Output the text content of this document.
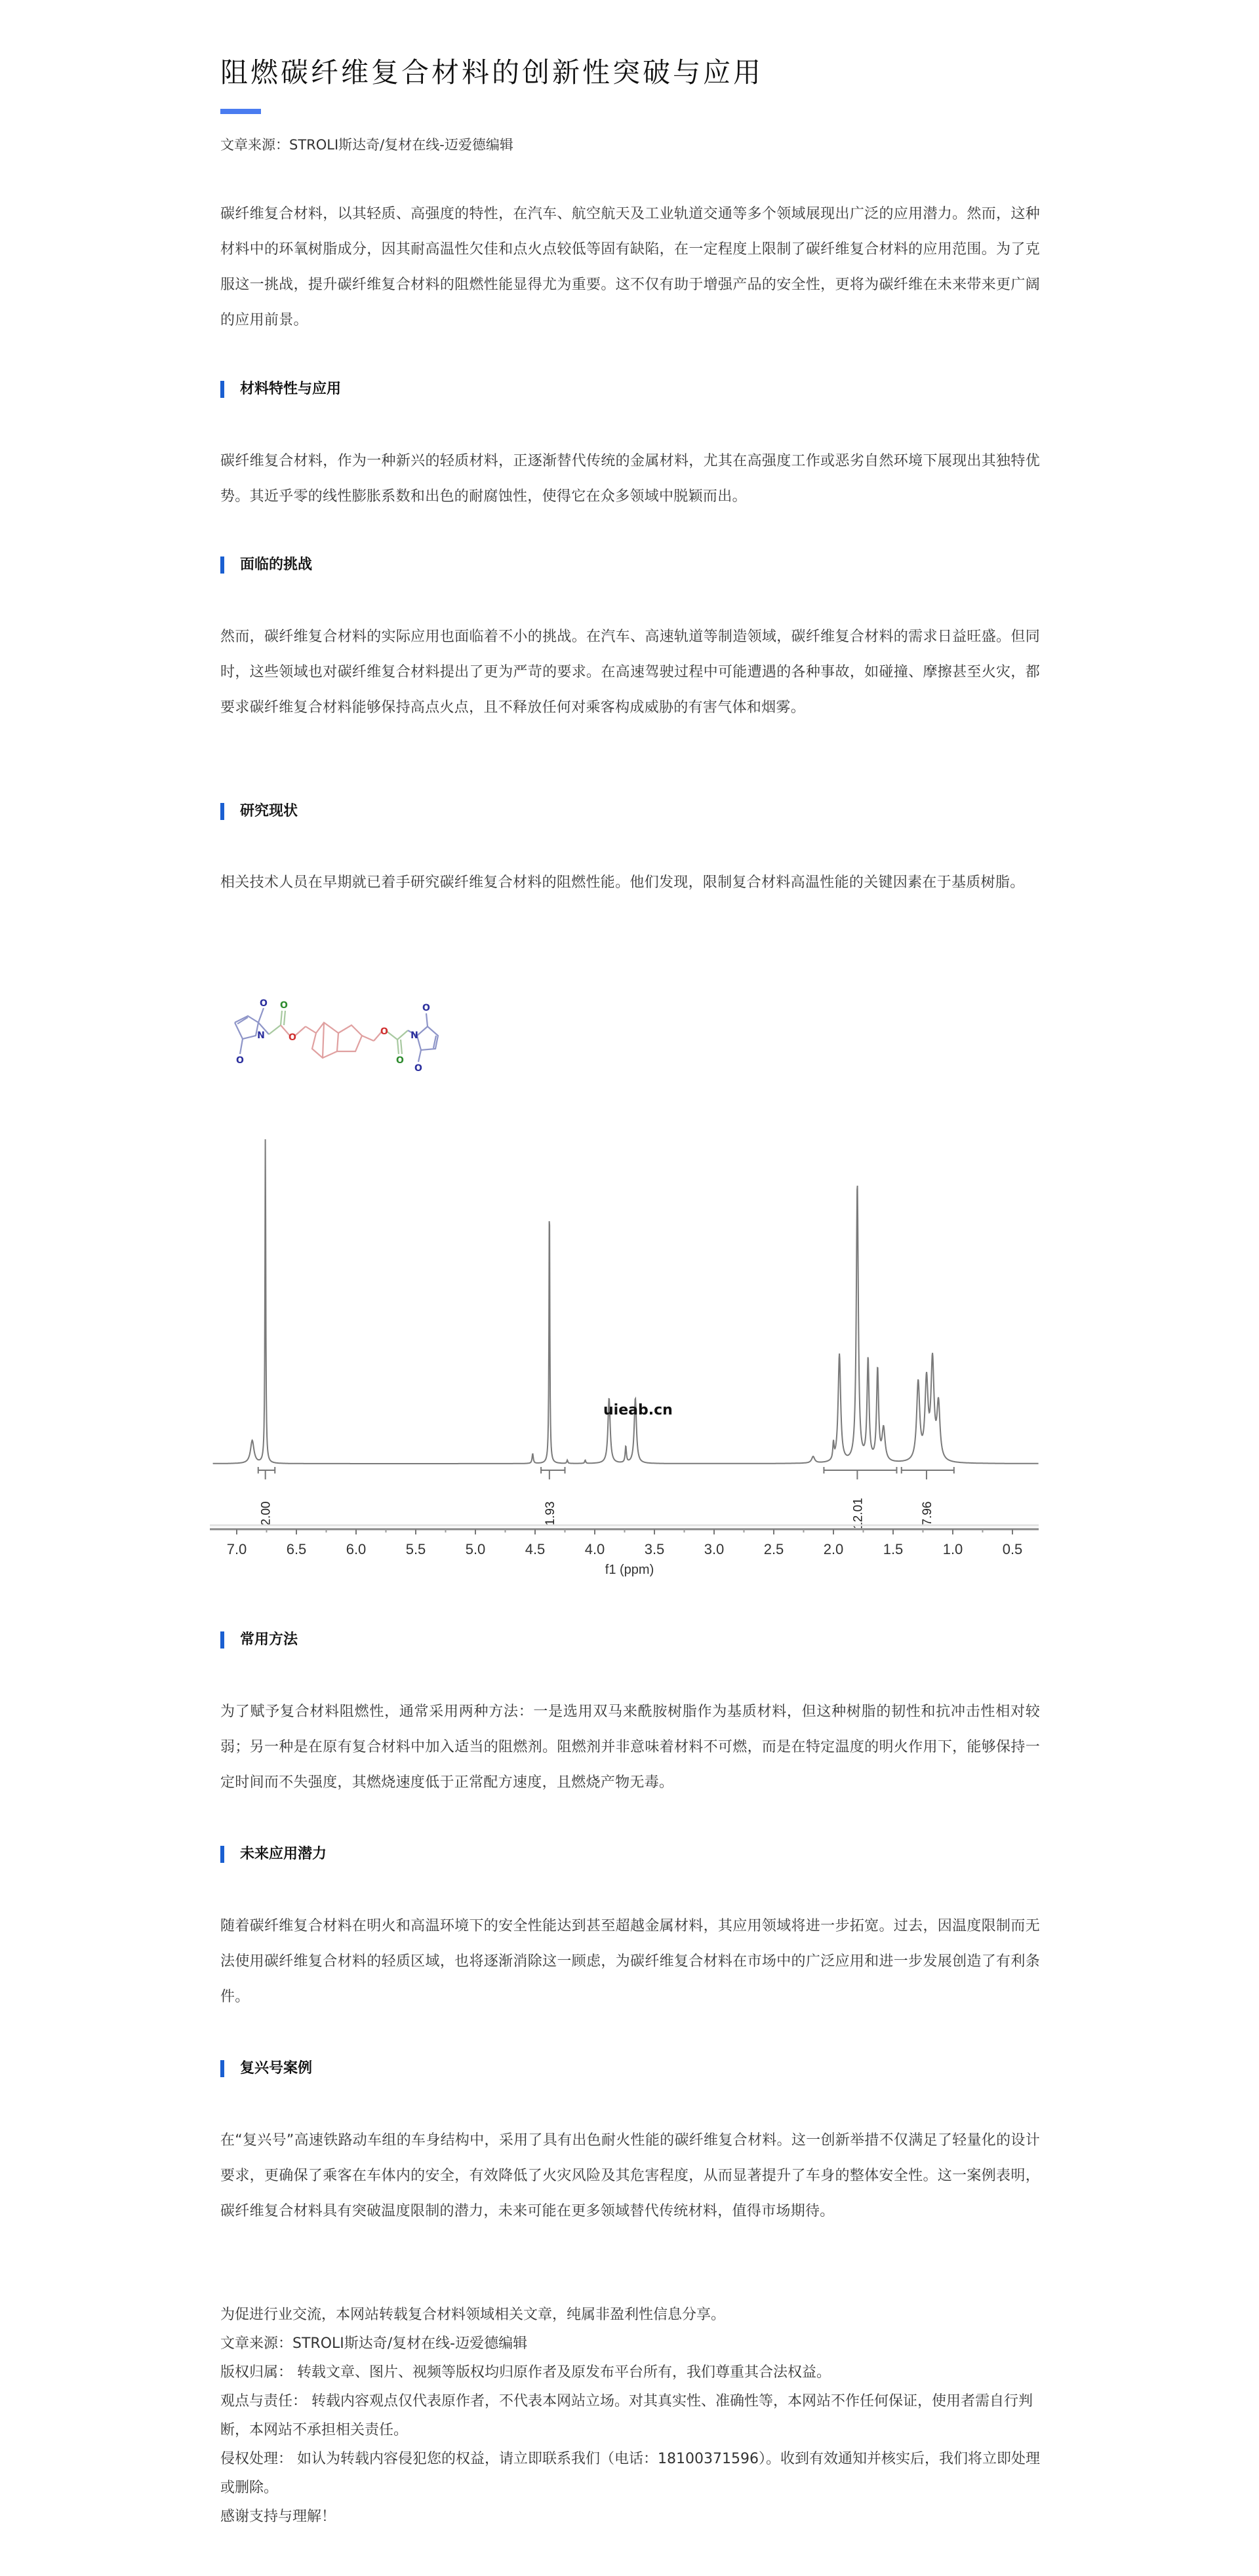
阻燃碳纤维复合材料的创新性突破与应用
文章来源：STROLI斯达奇/复材在线-迈爱德编辑

碳纤维复合材料，以其轻质、高强度的特性，在汽车、航空航天及工业轨道交通等多个领域展现出广泛的应用潜力。然而，这种材料中的环氧树脂成分，因其耐高温性欠佳和点火点较低等固有缺陷，在一定程度上限制了碳纤维复合材料的应用范围。为了克服这一挑战，提升碳纤维复合材料的阻燃性能显得尤为重要。这不仅有助于增强产品的安全性，更将为碳纤维在未来带来更广阔的应用前景。

材料特性与应用

碳纤维复合材料，作为一种新兴的轻质材料，正逐渐替代传统的金属材料，尤其在高强度工作或恶劣自然环境下展现出其独特优势。其近乎零的线性膨胀系数和出色的耐腐蚀性，使得它在众多领域中脱颖而出。

面临的挑战

然而，碳纤维复合材料的实际应用也面临着不小的挑战。在汽车、高速轨道等制造领域，碳纤维复合材料的需求日益旺盛。但同时，这些领域也对碳纤维复合材料提出了更为严苛的要求。在高速驾驶过程中可能遭遇的各种事故，如碰撞、摩擦甚至火灾，都要求碳纤维复合材料能够保持高点火点，且不释放任何对乘客构成威胁的有害气体和烟雾。

研究现状

相关技术人员在早期就已着手研究碳纤维复合材料的阻燃性能。他们发现，限制复合材料高温性能的关键因素在于基质树脂。

O
O
N
O
O
O
O
N
O
O
2.00	1.93	12.01	7.96
7.0	6.5	6.0	5.5	5.0	4.5	4.0	3.5	3.0	2.5	2.0	1.5	1.0	0.5
f1 (ppm)
uieab.cn
常用方法

为了赋予复合材料阻燃性，通常采用两种方法：一是选用双马来酰胺树脂作为基质材料，但这种树脂的韧性和抗冲击性相对较弱；另一种是在原有复合材料中加入适当的阻燃剂。阻燃剂并非意味着材料不可燃，而是在特定温度的明火作用下，能够保持一定时间而不失强度，其燃烧速度低于正常配方速度，且燃烧产物无毒。

未来应用潜力

随着碳纤维复合材料在明火和高温环境下的安全性能达到甚至超越金属材料，其应用领域将进一步拓宽。过去，因温度限制而无法使用碳纤维复合材料的轻质区域，也将逐渐消除这一顾虑，为碳纤维复合材料在市场中的广泛应用和进一步发展创造了有利条件。

复兴号案例

在“复兴号”高速铁路动车组的车身结构中，采用了具有出色耐火性能的碳纤维复合材料。这一创新举措不仅满足了轻量化的设计要求，更确保了乘客在车体内的安全，有效降低了火灾风险及其危害程度，从而显著提升了车身的整体安全性。这一案例表明，碳纤维复合材料具有突破温度限制的潜力，未来可能在更多领域替代传统材料，值得市场期待。

为促进行业交流，本网站转载复合材料领域相关文章，纯属非盈利性信息分享。

文章来源：STROLI斯达奇/复材在线-迈爱德编辑

版权归属： 转载文章、图片、视频等版权均归原作者及原发布平台所有，我们尊重其合法权益。

观点与责任： 转载内容观点仅代表原作者，不代表本网站立场。对其真实性、准确性等，本网站不作任何保证，使用者需自行判断，本网站不承担相关责任。

侵权处理： 如认为转载内容侵犯您的权益，请立即联系我们（电话：18100371596）。收到有效通知并核实后，我们将立即处理或删除。

感谢支持与理解！
